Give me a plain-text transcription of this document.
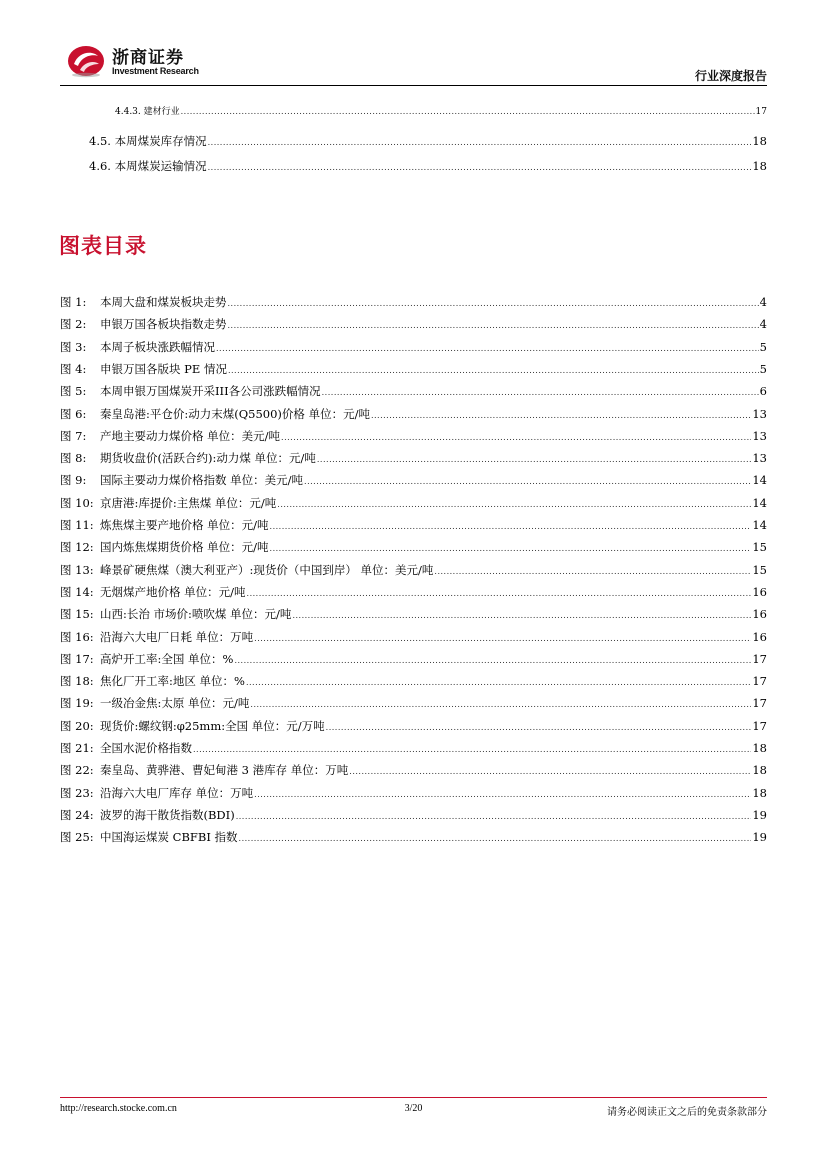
浙商证券
Investment Research	行业深度报告
4.4.3. 建材行业 .....	17
4.5. 本周煤炭库存情况 .....	18
4.6. 本周煤炭运输情况 .....	18
图表目录
图 1:	本周大盘和煤炭板块走势 .....	4
图 2:	申银万国各板块指数走势 .....	4
图 3:	本周子板块涨跌幅情况 .....	5
图 4:	申银万国各版块 PE 情况 .....	5
图 5:	本周申银万国煤炭开采III各公司涨跌幅情况 .....	6
图 6:	秦皇岛港:平仓价:动力末煤(Q5500)价格 单位：元/吨 .....	13
图 7:	产地主要动力煤价格 单位：美元/吨 .....	13
图 8:	期货收盘价(活跃合约):动力煤 单位：元/吨 .....	13
图 9:	国际主要动力煤价格指数 单位：美元/吨 .....	14
图 10: 京唐港:库提价:主焦煤 单位：元/吨 .....	14
图 11: 炼焦煤主要产地价格 单位：元/吨 .....	14
图 12: 国内炼焦煤期货价格 单位：元/吨 .....	15
图 13: 峰景矿硬焦煤（澳大利亚产）:现货价（中国到岸） 单位：美元/吨 .....	15
图 14: 无烟煤产地价格 单位：元/吨 .....	16
图 15: 山西:长治 市场价:喷吹煤 单位：元/吨 .....	16
图 16: 沿海六大电厂日耗 单位：万吨 .....	16
图 17: 高炉开工率:全国 单位：% .....	17
图 18: 焦化厂开工率:地区 单位：% .....	17
图 19: 一级冶金焦:太原 单位：元/吨 .....	17
图 20: 现货价:螺纹钢:φ25mm:全国 单位：元/万吨 .....	17
图 21: 全国水泥价格指数 .....	18
图 22: 秦皇岛、黄骅港、曹妃甸港 3 港库存 单位：万吨 .....	18
图 23: 沿海六大电厂库存 单位：万吨 .....	18
图 24: 波罗的海干散货指数(BDI) .....	19
图 25: 中国海运煤炭 CBFBI 指数 .....	19
http://research.stocke.com.cn	3/20	请务必阅读正文之后的免责条款部分
